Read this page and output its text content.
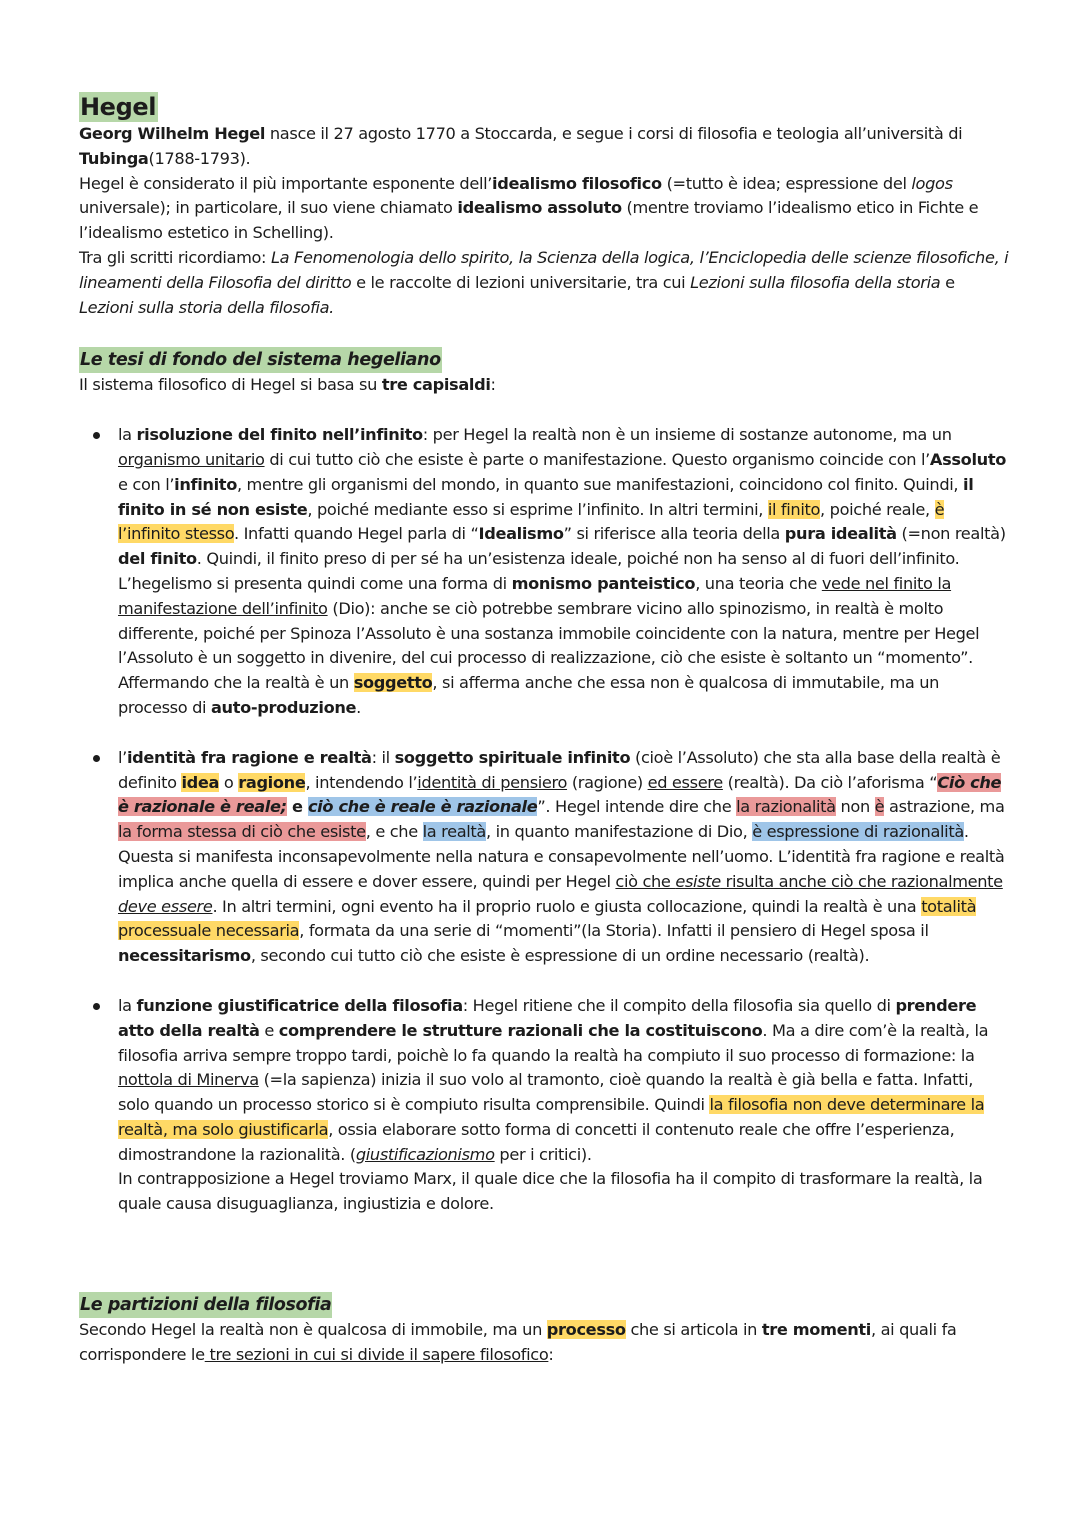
Hegel

Georg Wilhelm Hegel nasce il 27 agosto 1770 a Stoccarda, e segue i corsi di filosofia e teologia all’università di Tubinga(1788-1793).

Hegel è considerato il più importante esponente dell’idealismo filosofico (=tutto è idea; espressione del logos universale); in particolare, il suo viene chiamato idealismo assoluto (mentre troviamo l’idealismo etico in Fichte e l’idealismo estetico in Schelling).

Tra gli scritti ricordiamo: La Fenomenologia dello spirito, la Scienza della logica, l’Enciclopedia delle scienze filosofiche, i lineamenti della Filosofia del diritto e le raccolte di lezioni universitarie, tra cui Lezioni sulla filosofia della storia e Lezioni sulla storia della filosofia.

Le tesi di fondo del sistema hegeliano

Il sistema filosofico di Hegel si basa su tre capisaldi:

la risoluzione del finito nell’infinito: per Hegel la realtà non è un insieme di sostanze autonome, ma un organismo unitario di cui tutto ciò che esiste è parte o manifestazione. Questo organismo coincide con l’Assoluto e con l’infinito, mentre gli organismi del mondo, in quanto sue manifestazioni, coincidono col finito. Quindi, il finito in sé non esiste, poiché mediante esso si esprime l’infinito. In altri termini, il finito, poiché reale, è l’infinito stesso. Infatti quando Hegel parla di “Idealismo” si riferisce alla teoria della pura idealità (=non realtà) del finito. Quindi, il finito preso di per sé ha un’esistenza ideale, poiché non ha senso al di fuori dell’infinito. L’hegelismo si presenta quindi come una forma di monismo panteistico, una teoria che vede nel finito la manifestazione dell’infinito (Dio): anche se ciò potrebbe sembrare vicino allo spinozismo, in realtà è molto differente, poiché per Spinoza l’Assoluto è una sostanza immobile coincidente con la natura, mentre per Hegel l’Assoluto è un soggetto in divenire, del cui processo di realizzazione, ciò che esiste è soltanto un “momento”. Affermando che la realtà è un soggetto, si afferma anche che essa non è qualcosa di immutabile, ma un processo di auto-produzione.
l’identità fra ragione e realtà: il soggetto spirituale infinito (cioè l’Assoluto) che sta alla base della realtà è definito idea o ragione, intendendo l’identità di pensiero (ragione) ed essere (realtà). Da ciò l’aforisma “Ciò che è razionale è reale; e ciò che è reale è razionale”. Hegel intende dire che la razionalità non è astrazione, ma la forma stessa di ciò che esiste, e che la realtà, in quanto manifestazione di Dio, è espressione di razionalità. Questa si manifesta inconsapevolmente nella natura e consapevolmente nell’uomo. L’identità fra ragione e realtà implica anche quella di essere e dover essere, quindi per Hegel ciò che esiste risulta anche ciò che razionalmente deve essere. In altri termini, ogni evento ha il proprio ruolo e giusta collocazione, quindi la realtà è una totalità processuale necessaria, formata da una serie di “momenti”(la Storia). Infatti il pensiero di Hegel sposa il necessitarismo, secondo cui tutto ciò che esiste è espressione di un ordine necessario (realtà).
la funzione giustificatrice della filosofia: Hegel ritiene che il compito della filosofia sia quello di prendere atto della realtà e comprendere le strutture razionali che la costituiscono. Ma a dire com’è la realtà, la filosofia arriva sempre troppo tardi, poichè lo fa quando la realtà ha compiuto il suo processo di formazione: la nottola di Minerva (=la sapienza) inizia il suo volo al tramonto, cioè quando la realtà è già bella e fatta. Infatti, solo quando un processo storico si è compiuto risulta comprensibile. Quindi la filosofia non deve determinare la realtà, ma solo giustificarla, ossia elaborare sotto forma di concetti il contenuto reale che offre l’esperienza, dimostrandone la razionalità. (giustificazionismo per i critici).
In contrapposizione a Hegel troviamo Marx, il quale dice che la filosofia ha il compito di trasformare la realtà, la quale causa disuguaglianza, ingiustizia e dolore.
Le partizioni della filosofia

Secondo Hegel la realtà non è qualcosa di immobile, ma un processo che si articola in tre momenti, ai quali fa corrispondere le tre sezioni in cui si divide il sapere filosofico:
